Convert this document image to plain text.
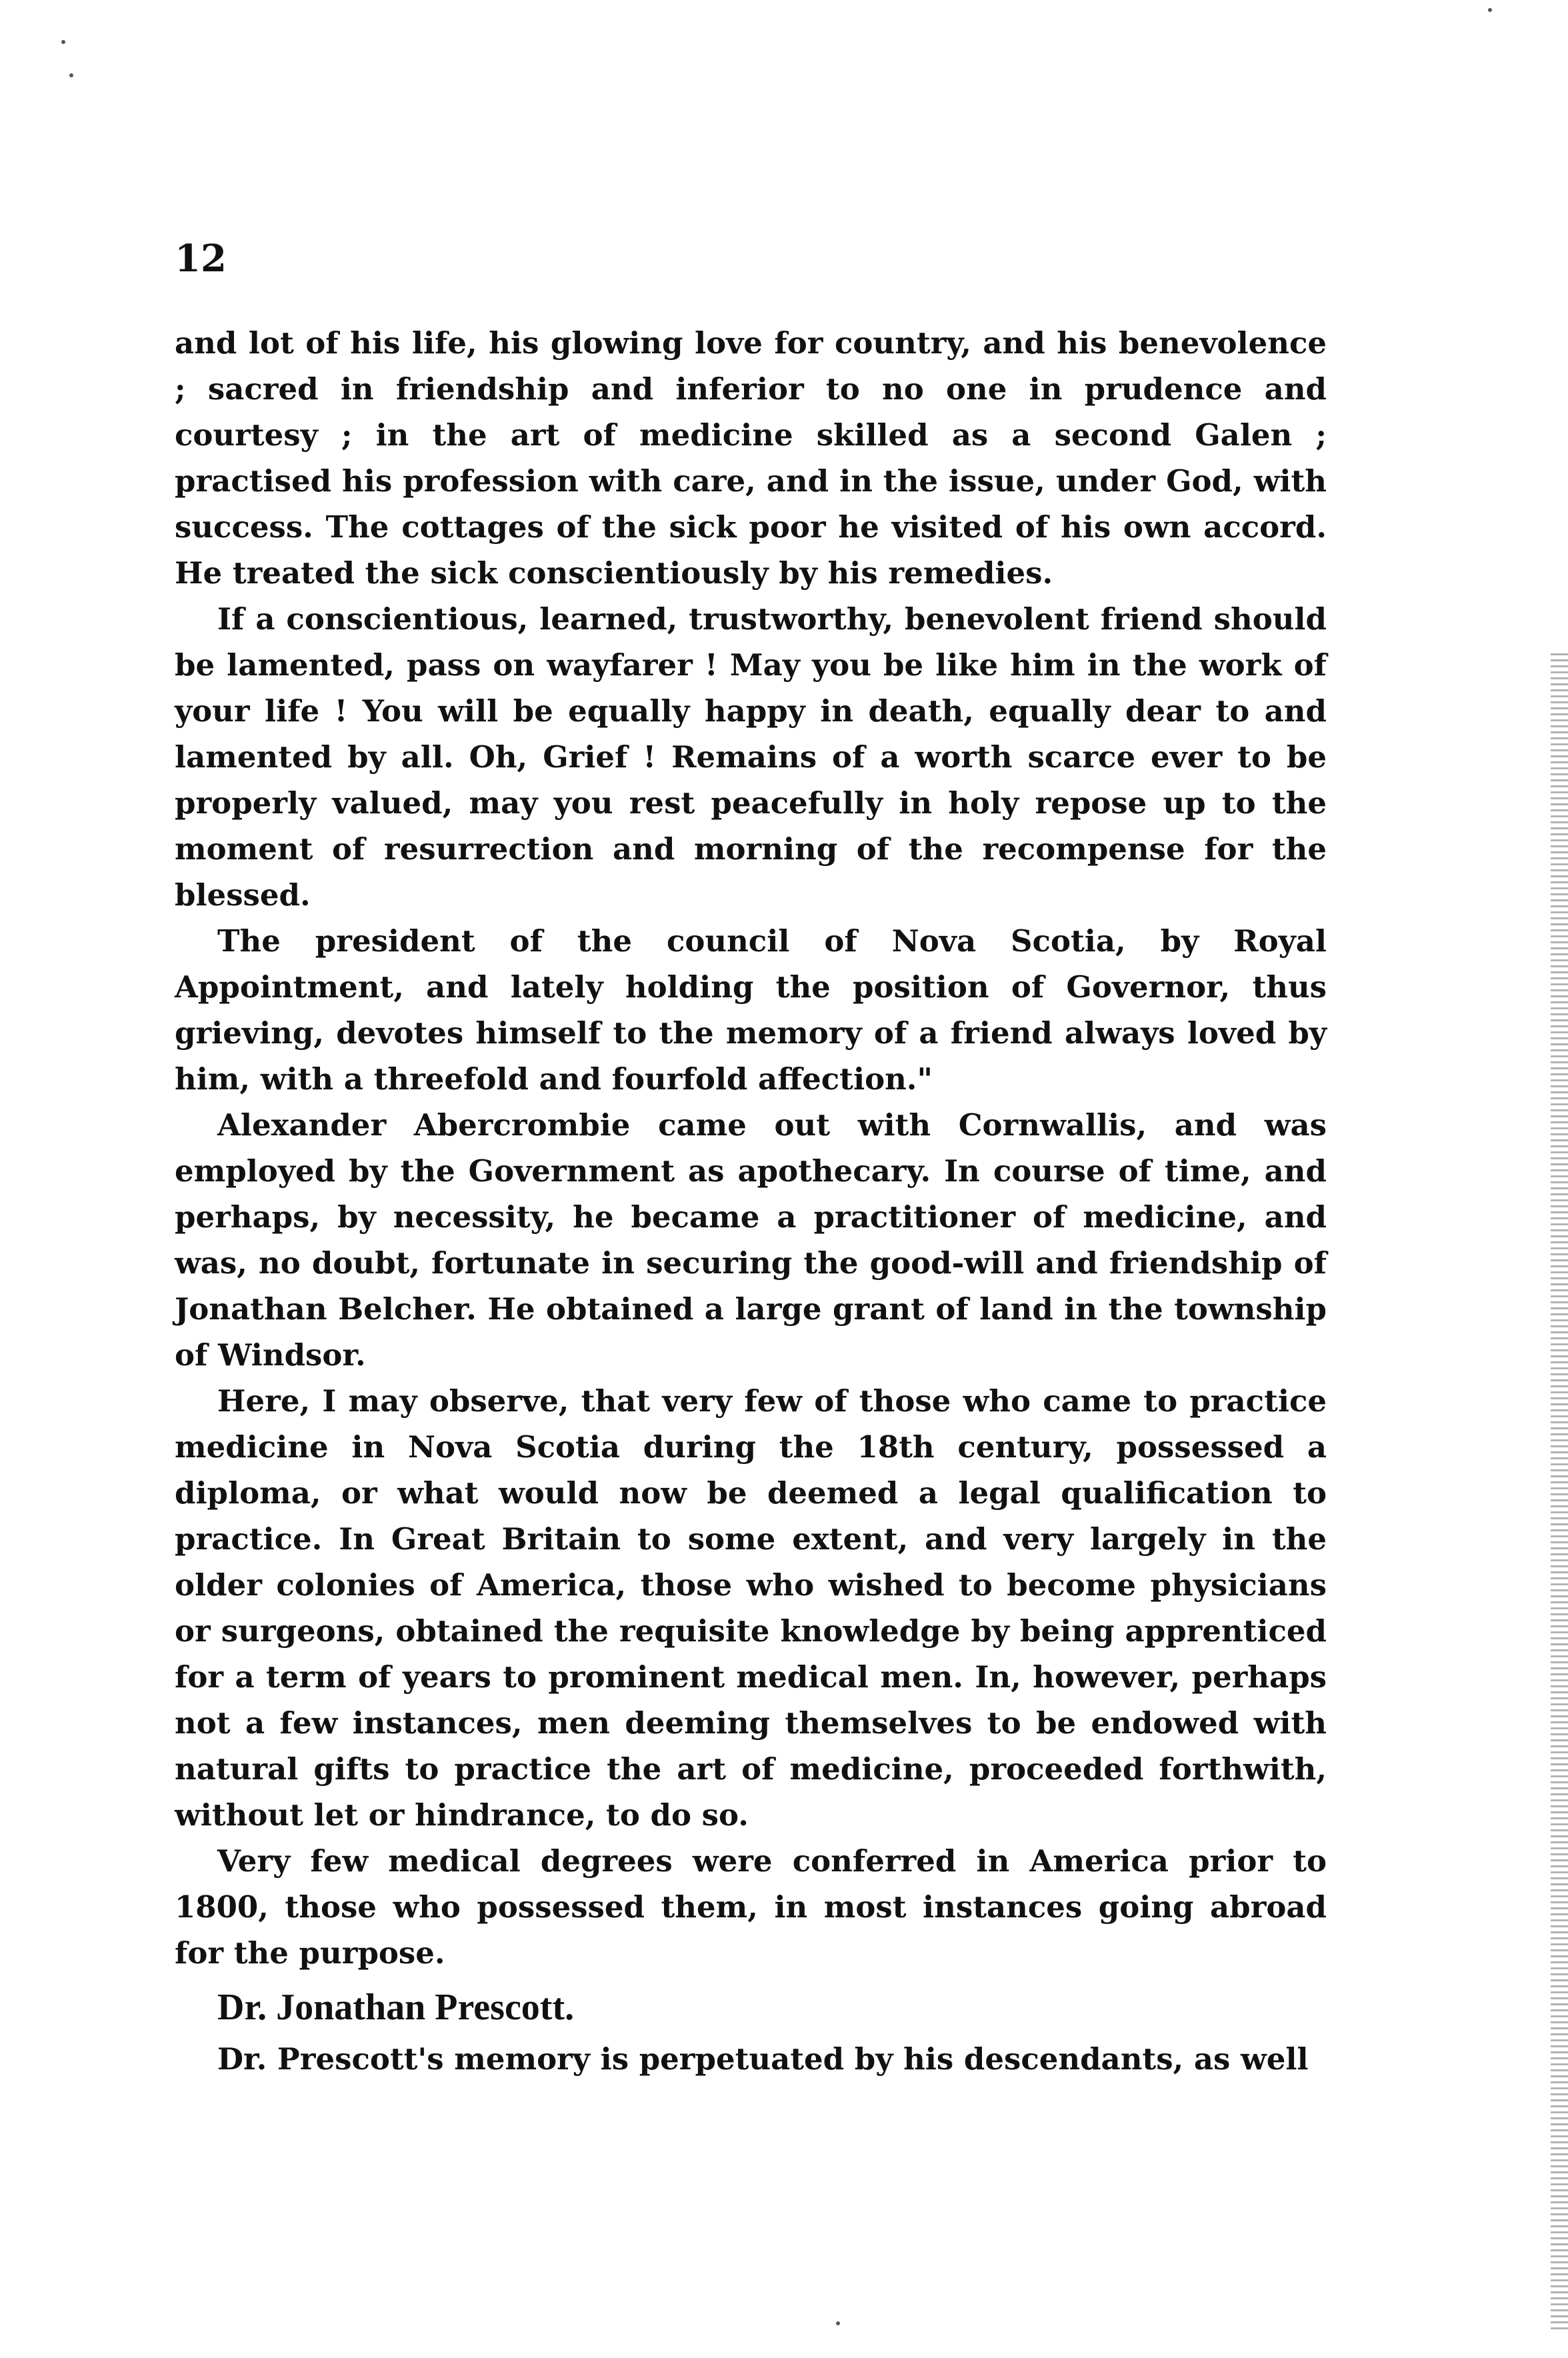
12

and lot of his life, his glowing love for country, and his benevolence ; sacred in friendship and inferior to no one in prudence and courtesy ; in the art of medicine skilled as a second Galen ; practised his profession with care, and in the issue, under God, with success. The cottages of the sick poor he visited of his own accord. He treated the sick conscientiously by his remedies.

If a conscientious, learned, trustworthy, benevolent friend should be lamented, pass on wayfarer ! May you be like him in the work of your life ! You will be equally happy in death, equally dear to and lamented by all. Oh, Grief ! Remains of a worth scarce ever to be properly valued, may you rest peacefully in holy repose up to the moment of resurrection and morning of the recompense for the blessed.

The president of the council of Nova Scotia, by Royal Appointment, and lately holding the position of Governor, thus grieving, devotes himself to the memory of a friend always loved by him, with a threefold and fourfold affection."

Alexander Abercrombie came out with Cornwallis, and was employed by the Government as apothecary. In course of time, and perhaps, by necessity, he became a practitioner of medicine, and was, no doubt, fortunate in securing the good-will and friendship of Jonathan Belcher. He obtained a large grant of land in the township of Windsor.

Here, I may observe, that very few of those who came to practice medicine in Nova Scotia during the 18th century, possessed a diploma, or what would now be deemed a legal qualification to practice. In Great Britain to some extent, and very largely in the older colonies of America, those who wished to become physicians or surgeons, obtained the requisite knowledge by being apprenticed for a term of years to prominent medical men. In, however, perhaps not a few instances, men deeming themselves to be endowed with natural gifts to practice the art of medicine, proceeded forthwith, without let or hindrance, to do so.

Very few medical degrees were conferred in America prior to 1800, those who possessed them, in most instances going abroad for the purpose.

Dr. Jonathan Prescott.

Dr. Prescott's memory is perpetuated by his descendants, as well
